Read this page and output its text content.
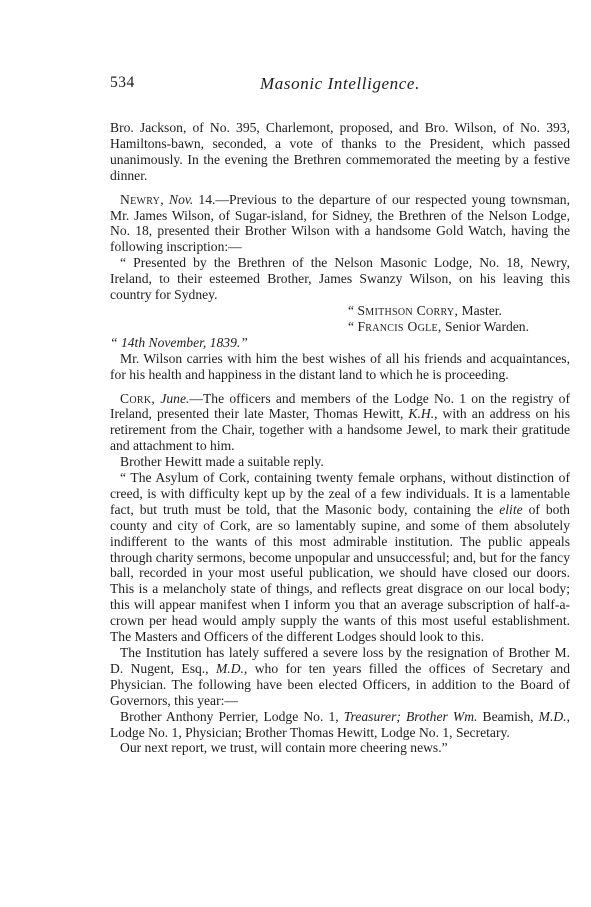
534	Masonic Intelligence.

Bro. Jackson, of No. 395, Charlemont, proposed, and Bro. Wilson, of No. 393, Hamiltons-bawn, seconded, a vote of thanks to the President, which passed unanimously. In the evening the Brethren commemorated the meeting by a festive dinner.

Newry, Nov. 14.—Previous to the departure of our respected young townsman, Mr. James Wilson, of Sugar-island, for Sidney, the Brethren of the Nelson Lodge, No. 18, presented their Brother Wilson with a handsome Gold Watch, having the following inscription:—

“ Presented by the Brethren of the Nelson Masonic Lodge, No. 18, Newry, Ireland, to their esteemed Brother, James Swanzy Wilson, on his leaving this country for Sydney.

“ Smithson Corry, Master.

“ Francis Ogle, Senior Warden.

“ 14th November, 1839.”

Mr. Wilson carries with him the best wishes of all his friends and acquaintances, for his health and happiness in the distant land to which he is proceeding.

Cork, June.—The officers and members of the Lodge No. 1 on the registry of Ireland, presented their late Master, Thomas Hewitt, K.H., with an address on his retirement from the Chair, together with a handsome Jewel, to mark their gratitude and attachment to him.

Brother Hewitt made a suitable reply.

“ The Asylum of Cork, containing twenty female orphans, without distinction of creed, is with difficulty kept up by the zeal of a few individuals. It is a lamentable fact, but truth must be told, that the Masonic body, containing the elite of both county and city of Cork, are so lamentably supine, and some of them absolutely indifferent to the wants of this most admirable institution. The public appeals through charity sermons, become unpopular and unsuccessful; and, but for the fancy ball, recorded in your most useful publication, we should have closed our doors. This is a melancholy state of things, and reflects great disgrace on our local body; this will appear manifest when I inform you that an average subscription of half-a-crown per head would amply supply the wants of this most useful establishment. The Masters and Officers of the different Lodges should look to this.

The Institution has lately suffered a severe loss by the resignation of Brother M. D. Nugent, Esq., M.D., who for ten years filled the offices of Secretary and Physician. The following have been elected Officers, in addition to the Board of Governors, this year:—

Brother Anthony Perrier, Lodge No. 1, Treasurer; Brother Wm. Beamish, M.D., Lodge No. 1, Physician; Brother Thomas Hewitt, Lodge No. 1, Secretary.

Our next report, we trust, will contain more cheering news.”
